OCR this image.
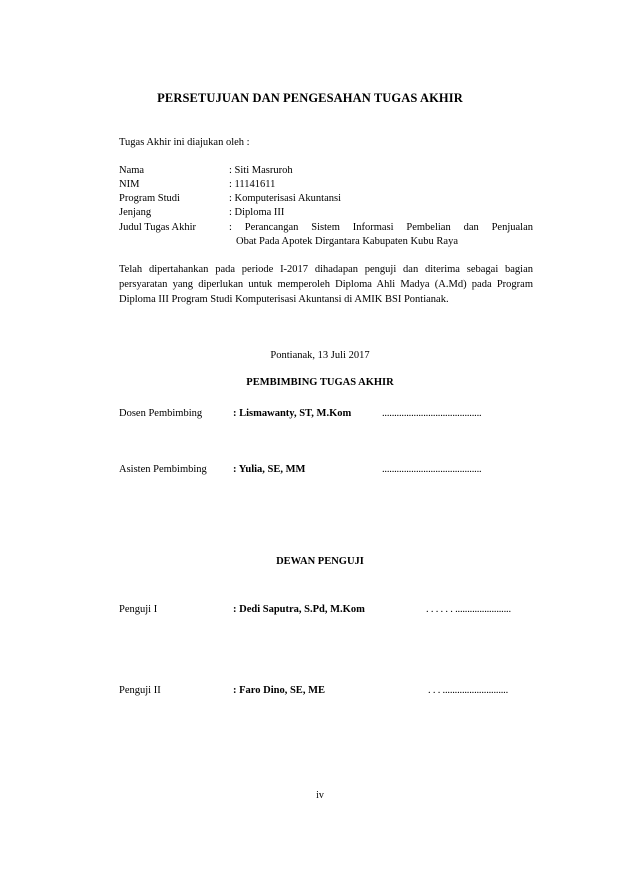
PERSETUJUAN DAN PENGESAHAN TUGAS AKHIR
Tugas Akhir ini diajukan oleh :
Nama	: Siti Masruroh
NIM	: 11141611
Program Studi	: Komputerisasi Akuntansi
Jenjang	: Diploma III
Judul Tugas Akhir	: Perancangan Sistem Informasi Pembelian dan Penjualan
Obat Pada Apotek Dirgantara Kabupaten Kubu Raya
Telah dipertahankan pada periode I-2017 dihadapan penguji dan diterima sebagai bagian persyaratan yang diperlukan untuk memperoleh Diploma Ahli Madya (A.Md) pada Program Diploma III Program Studi Komputerisasi Akuntansi di AMIK BSI Pontianak.
Pontianak, 13 Juli 2017
PEMBIMBING TUGAS AKHIR
Dosen Pembimbing	: Lismawanty, ST, M.Kom	.........................................
Asisten Pembimbing : Yulia, SE, MM	.........................................
DEWAN PENGUJI
Penguji I	: Dedi Saputra, S.Pd, M.Kom	. . . . . . .......................
Penguji II	: Faro Dino, SE, ME	. . . ...........................
iv
